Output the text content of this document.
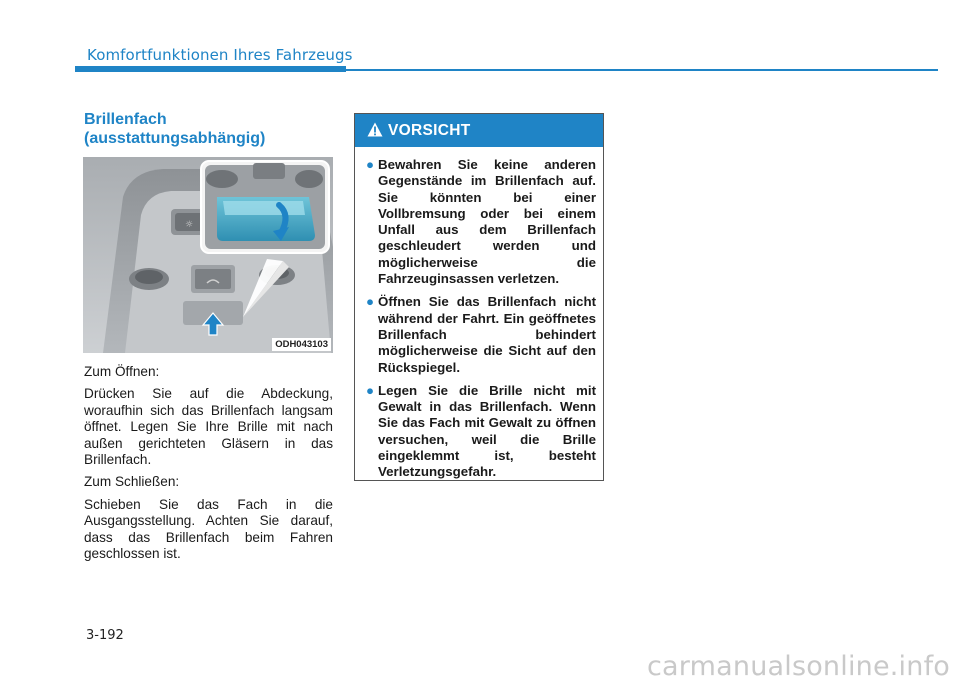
Komfortfunktionen Ihres Fahrzeugs
Brillenfach
(ausstattungsabhängig)
☼
ODH043103

Zum Öffnen:

Drücken Sie auf die Abdeckung, woraufhin sich das Brillenfach langsam öffnet. Legen Sie Ihre Brille mit nach außen gerichteten Gläsern in das Brillenfach.

Zum Schließen:

Schieben Sie das Fach in die Ausgangsstellung. Achten Sie darauf, dass das Brillenfach beim Fahren geschlossen ist.

VORSICHT
● Bewahren Sie keine anderen Gegenstände im Brillenfach auf. Sie könnten bei einer Vollbremsung oder bei einem Unfall aus dem Brillenfach geschleudert werden und möglicherweise die Fahrzeuginsassen verletzen.
● Öffnen Sie das Brillenfach nicht während der Fahrt. Ein geöffnetes Brillenfach behindert möglicherweise die Sicht auf den Rückspiegel.
● Legen Sie die Brille nicht mit Gewalt in das Brillenfach. Wenn Sie das Fach mit Gewalt zu öffnen versuchen, weil die Brille eingeklemmt ist, besteht Verletzungsgefahr.
3-192
carmanualsonline.info
